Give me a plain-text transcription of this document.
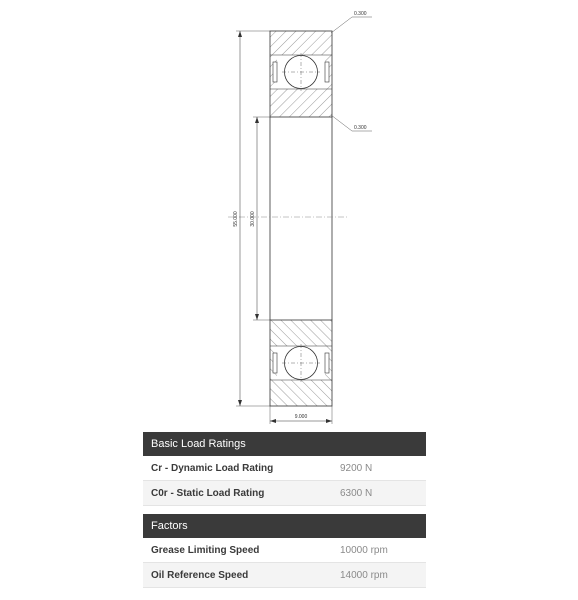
55.000 30.000
9.000
0.300
0.300
Basic Load Ratings
Cr - Dynamic Load Rating	9200 N
C0r - Static Load Rating	6300 N
Factors
Grease Limiting Speed	10000 rpm
Oil Reference Speed	14000 rpm
